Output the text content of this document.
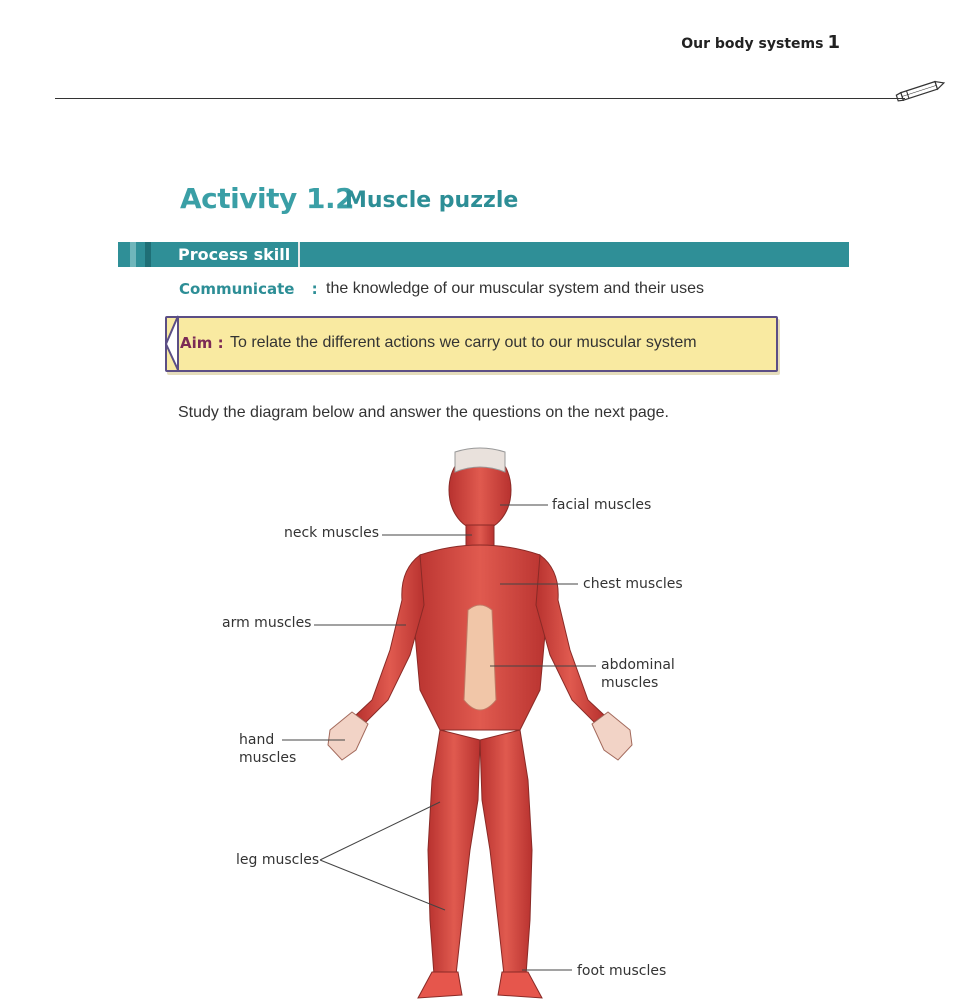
Our body systems 1
Activity 1.2
Muscle puzzle
Process skill
Communicate : the knowledge of our muscular system and their uses
Aim : To relate the different actions we carry out to our muscular system
Study the diagram below and answer the questions on the next page.
facial muscles
neck muscles
chest muscles
arm muscles
abdominal
muscles
hand
muscles
leg muscles
foot muscles
